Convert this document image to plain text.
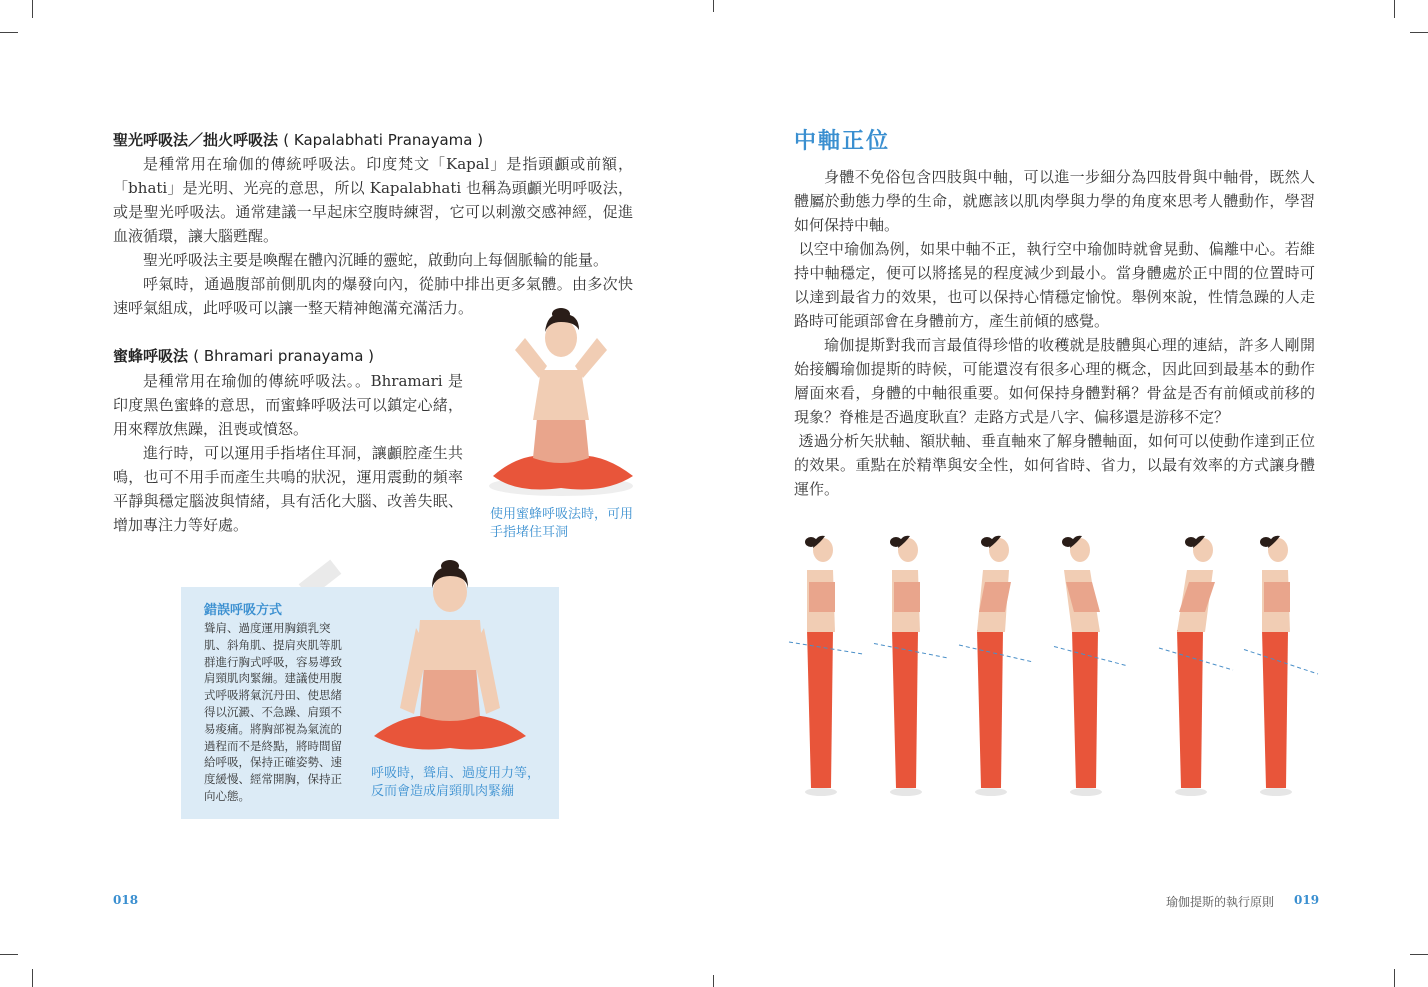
聖光呼吸法／拙火呼吸法 ( Kapalabhati Pranayama )

是種常用在瑜伽的傳統呼吸法。印度梵文「Kapal」是指頭顱或前額，「bhati」是光明、光亮的意思，所以 Kapalabhati 也稱為頭顱光明呼吸法，或是聖光呼吸法。通常建議一早起床空腹時練習，它可以刺激交感神經，促進血液循環，讓大腦甦醒。

聖光呼吸法主要是喚醒在體內沉睡的靈蛇，啟動向上每個脈輪的能量。

呼氣時，通過腹部前側肌肉的爆發向內，從肺中排出更多氣體。由多次快速呼氣組成，此呼吸可以讓一整天精神飽滿充滿活力。

蜜蜂呼吸法 ( Bhramari pranayama )

是種常用在瑜伽的傳統呼吸法。。Bhramari 是印度黑色蜜蜂的意思，而蜜蜂呼吸法可以鎮定心緒，用來釋放焦躁，沮喪或憤怒。

進行時，可以運用手指堵住耳洞，讓顱腔產生共鳴，也可不用手而產生共鳴的狀況，運用震動的頻率平靜與穩定腦波與情緒，具有活化大腦、改善失眠、增加專注力等好處。

使用蜜蜂呼吸法時，可用手指堵住耳洞
錯誤呼吸方式
聳肩、過度運用胸鎖乳突肌、斜角肌、提肩夾肌等肌群進行胸式呼吸，容易導致肩頸肌肉緊繃。建議使用腹式呼吸將氣沉丹田、使思緒得以沉澱、不急躁、肩頸不易痠痛。將胸部視為氣流的過程而不是終點，將時間留給呼吸，保持正確姿勢、速度緩慢、經常開胸，保持正向心態。
呼吸時，聳肩、過度用力等，反而會造成肩頸肌肉緊繃
018
中軸正位

身體不免俗包含四肢與中軸，可以進一步細分為四肢骨與中軸骨，既然人體屬於動態力學的生命，就應該以肌肉學與力學的角度來思考人體動作，學習如何保持中軸。

以空中瑜伽為例，如果中軸不正，執行空中瑜伽時就會晃動、偏離中心。若維持中軸穩定，便可以將搖晃的程度減少到最小。當身體處於正中間的位置時可以達到最省力的效果，也可以保持心情穩定愉悅。舉例來說，性情急躁的人走路時可能頭部會在身體前方，產生前傾的感覺。

瑜伽提斯對我而言最值得珍惜的收穫就是肢體與心理的連結，許多人剛開始接觸瑜伽提斯的時候，可能還沒有很多心理的概念，因此回到最基本的動作層面來看，身體的中軸很重要。如何保持身體對稱？骨盆是否有前傾或前移的現象？脊椎是否過度耿直？走路方式是八字、偏移還是游移不定？

透過分析矢狀軸、額狀軸、垂直軸來了解身體軸面，如何可以使動作達到正位的效果。重點在於精準與安全性，如何省時、省力，以最有效率的方式讓身體運作。

瑜伽提斯的執行原則 019
